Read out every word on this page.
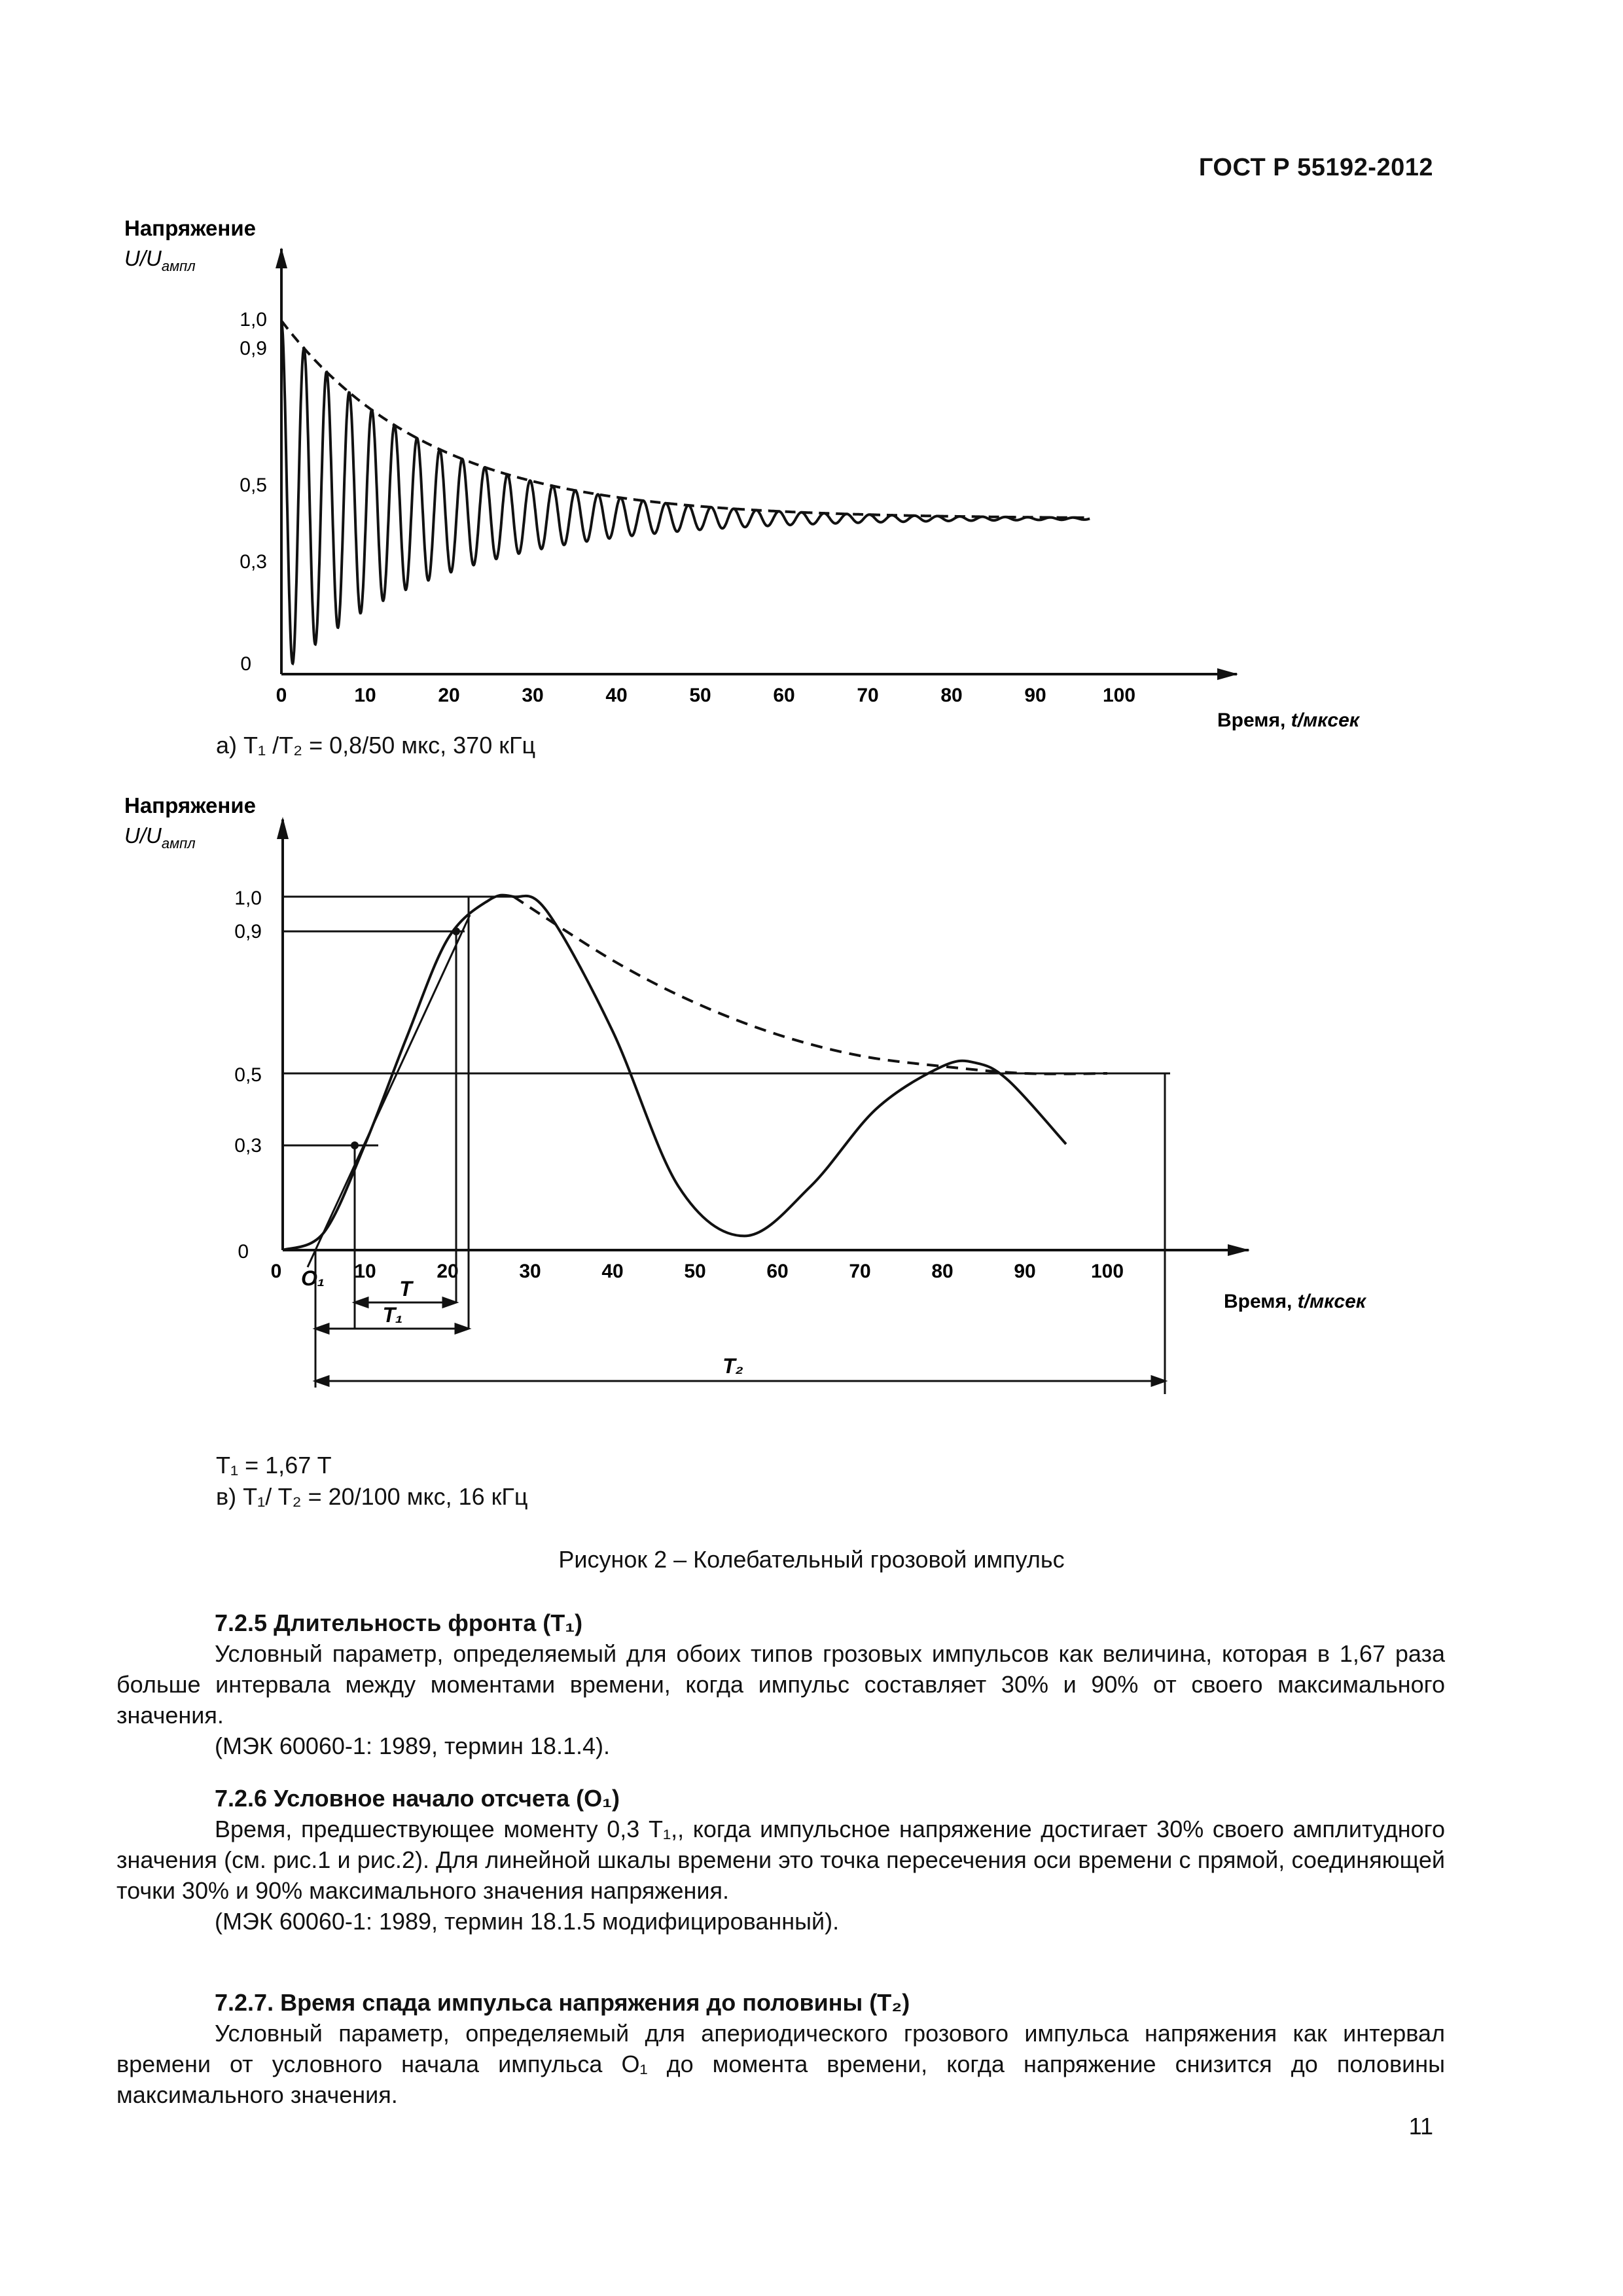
ГОСТ Р 55192-2012
Напряжение
$U/U_{ампл}$
1,0
0,9
0,5
0,3
0
0	10	20	30	40	50	60	70	80	90	100
Время, t/мксек
а) T₁ /T₂ = 0,8/50 мкс, 370 кГц
Напряжение
$U/U_{ампл}$
1,0
0,9
0,5
0,3
0
0	10	20	30	40	50	60	70	80	90	100
O₁
Время, t/мксек
T
T₁
T₂
T₁ = 1,67 T
в) T₁/ T₂ = 20/100 мкс, 16 кГц
Рисунок 2 – Колебательный грозовой импульс

7.2.5 Длительность фронта (T₁)

Условный параметр, определяемый для обоих типов грозовых импульсов как величина, которая в 1,67 раза больше интервала между моментами времени, когда импульс составляет 30% и 90% от своего максимального значения.

(МЭК 60060-1: 1989, термин 18.1.4).

7.2.6 Условное начало отсчета (O₁)

Время, предшествующее моменту 0,3 T₁,, когда импульсное напряжение достигает 30% своего амплитудного значения (см. рис.1 и рис.2). Для линейной шкалы времени это точка пересечения оси времени с прямой, соединяющей точки 30% и 90% максимального значения напряжения.

(МЭК 60060-1: 1989, термин 18.1.5 модифицированный).

7.2.7. Время спада импульса напряжения до половины (T₂)

Условный параметр, определяемый для апериодического грозового импульса напряжения как интервал времени от условного начала импульса O₁ до момента времени, когда напряжение снизится до половины максимального значения.

11
